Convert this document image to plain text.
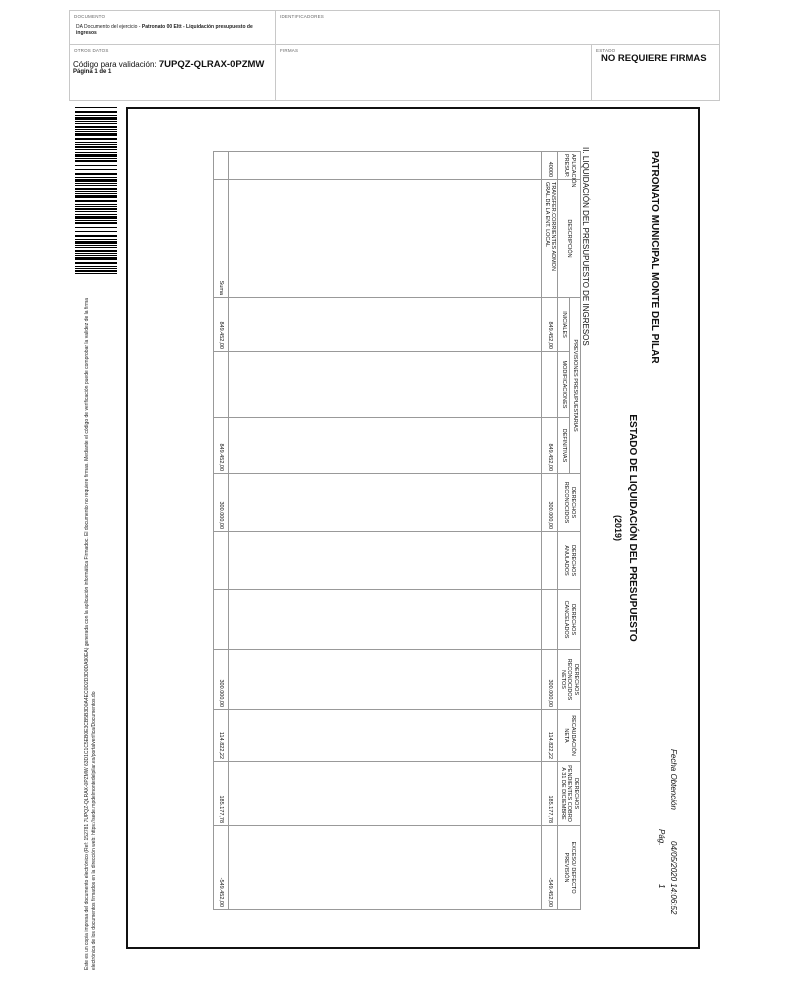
DOCUMENTO
DA Documento del ejercicio - Patronato 00 Eltt - Liquidación presupuesto de ingresos
IDENTIFICADORES
OTROS DATOS
Código para validación: 7UPQZ-QLRAX-0PZMW
Página 1 de 1
FIRMAS	ESTADO
NO REQUIERE FIRMAS
Este es un copia impresa del documento electrónico (Ref: 152781 7UPQZ-QLRAX-0PZMW 63D1C1C5EB0E3CB5B3D0A4EC0D2D3D0DA90EA) generada con la aplicación informática Firmadoc. El documento no requiere firmas. Mediante el código de verificación puede comprobar la validez de la firma electrónica de los documentos firmados en la dirección web: https://sede.mpdelmontedelpilar.es/portalverifica/Documentos.do
PATRONATO MUNICIPAL MONTE DEL PILAR
Fecha Obtención
04/05/2020 14:06:52
Pág.
1
ESTADO DE LIQUIDACIÓN DEL PRESUPUESTO
(2019)
II. LIQUIDACIÓN DEL PRESUPUESTO DE INGRESOS
APLICACIÓN PRESUP.	DESCRIPCIÓN	PREVISIONES PRESUPUESTARIAS			DERECHOS RECONOCIDOS	DERECHOS ANULADOS	DERECHOS CANCELADOS	DERECHOS RECONOCIDOS NETOS	RECAUDACIÓN NETA	DERECHOS PENDIENTES COBRO A 31 DE DICIEMBRE	EXCESO/ DEFECTO PREVISIÓN
		INICIALES	MODIFICACIONES	DEFINITIVAS							
40000	TRANSFER.CORRIENTES ADMON GRAL.DE LA ENT. LOCAL	849.452,00		849.452,00	300.000,00			300.000,00	114.822,22	185.177,78	-549.452,00

	Suma	849.452,00		849.452,00	300.000,00			300.000,00	114.822,22	185.177,78	-549.452,00
